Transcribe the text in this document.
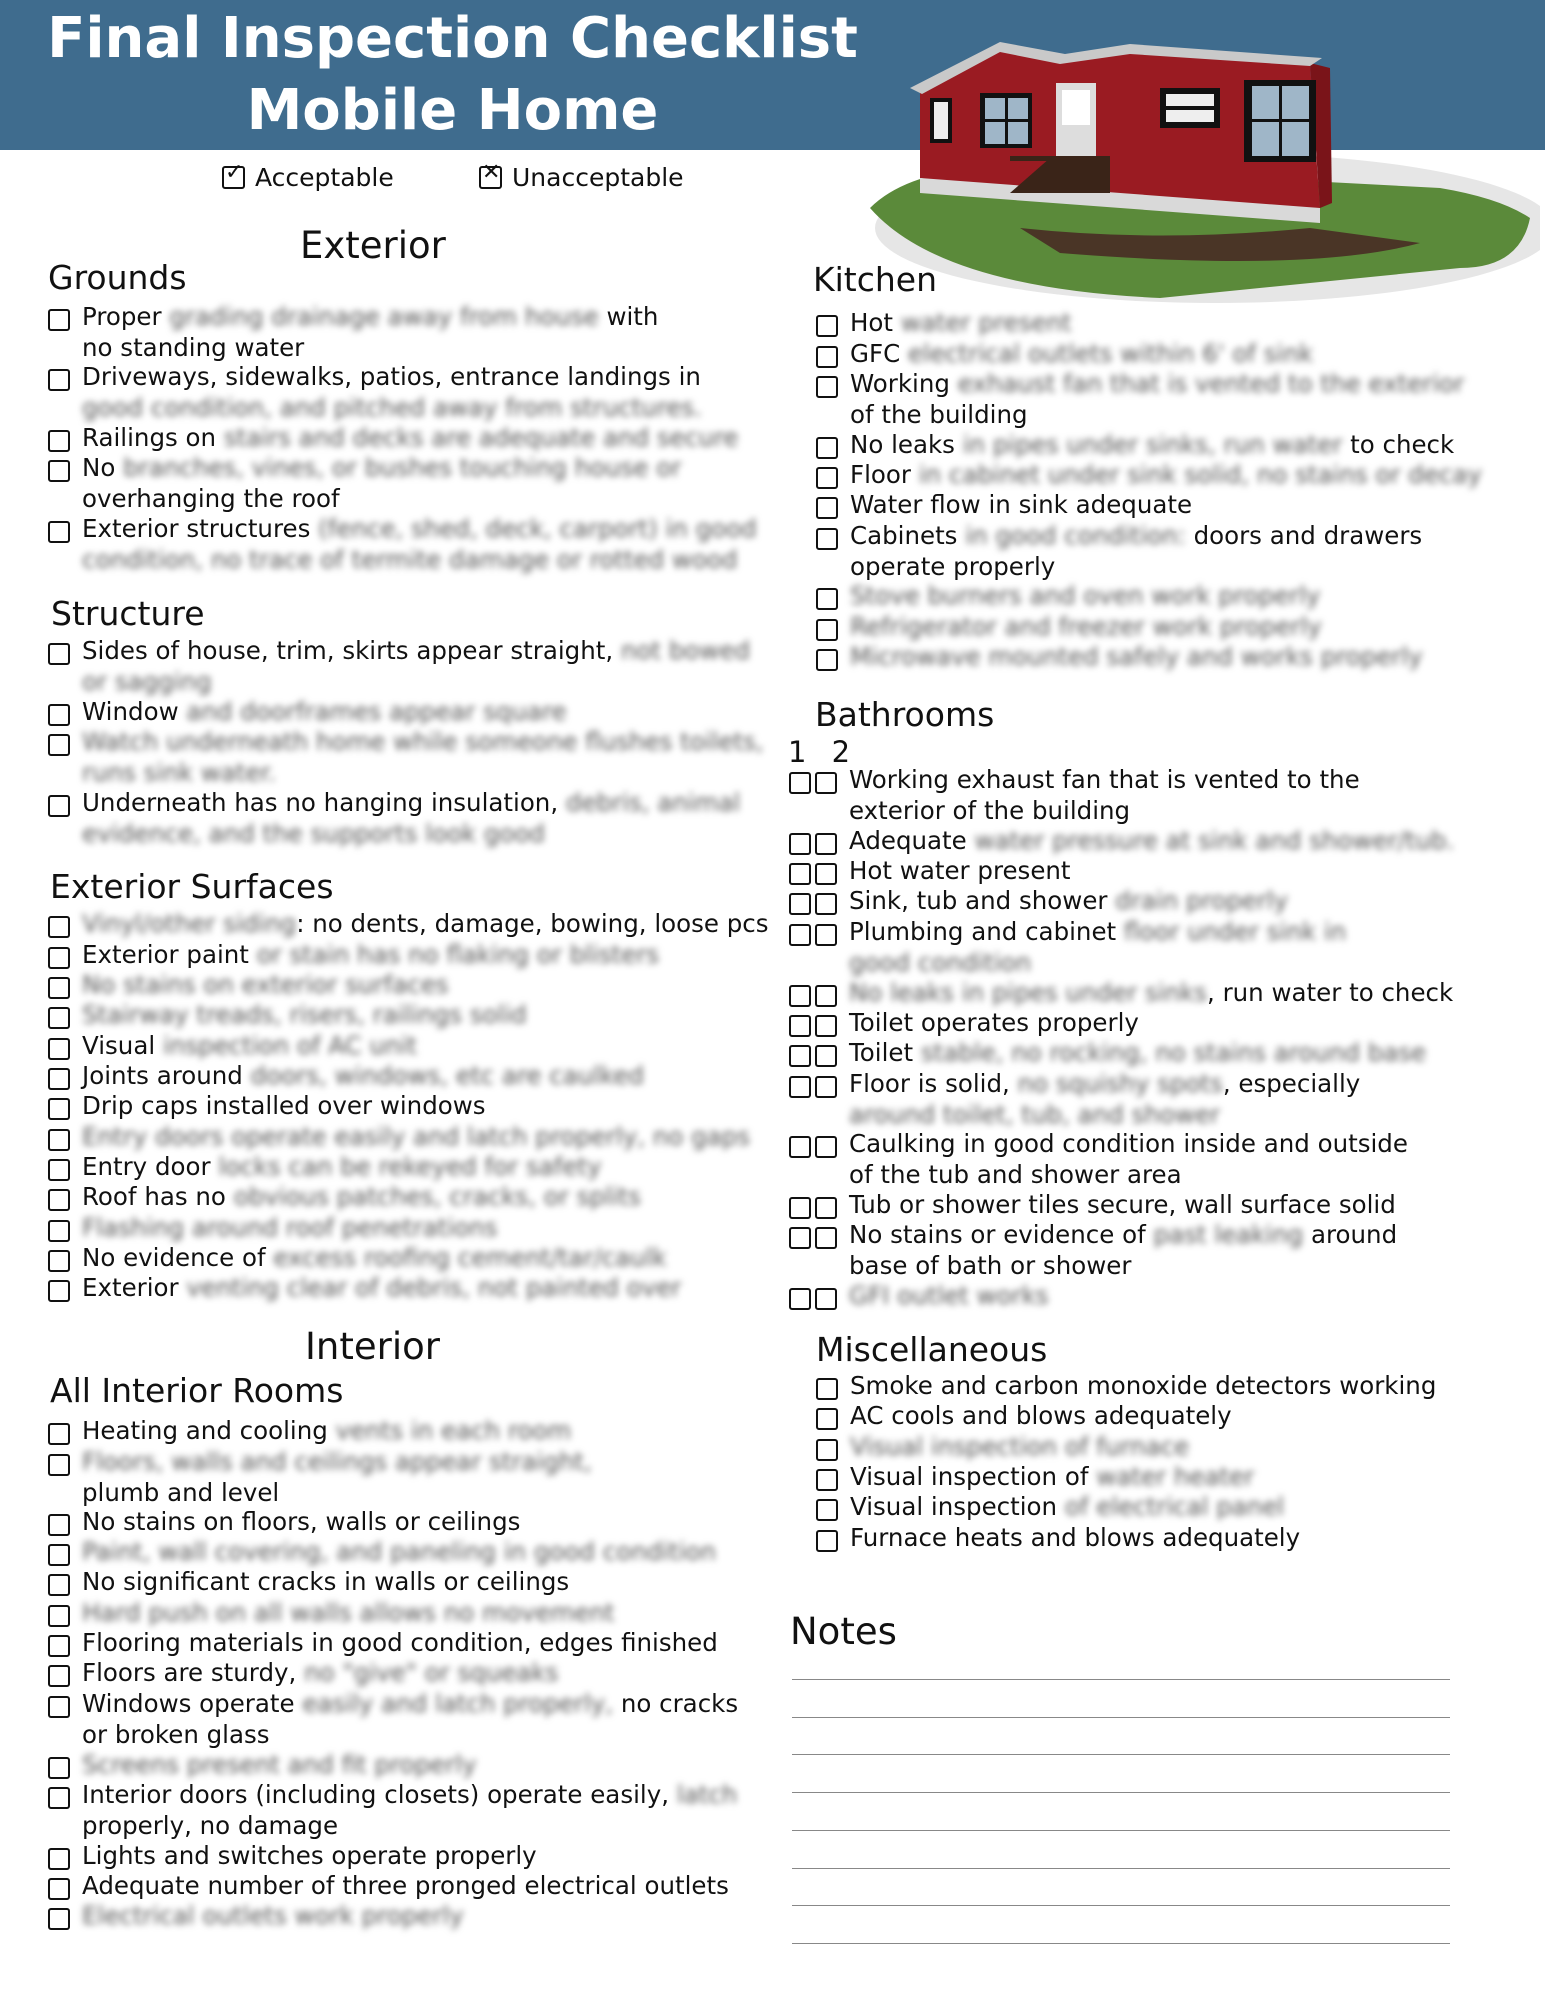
Final Inspection Checklist
Mobile Home
✓ Acceptable	✕ Unacceptable
Exterior
Grounds
Proper grading drainage away from house with
no standing water
Driveways, sidewalks, patios, entrance landings in
good condition, and pitched away from structures.
Railings on stairs and decks are adequate and secure
No branches, vines, or bushes touching house or
overhanging the roof
Exterior structures (fence, shed, deck, carport) in good
condition, no trace of termite damage or rotted wood
Structure
Sides of house, trim, skirts appear straight, not bowed
or sagging
Window and doorframes appear square
Watch underneath home while someone flushes toilets,
runs sink water.
Underneath has no hanging insulation, debris, animal
evidence, and the supports look good
Exterior Surfaces
Vinyl/other siding: no dents, damage, bowing, loose pcs
Exterior paint or stain has no flaking or blisters
No stains on exterior surfaces
Stairway treads, risers, railings solid
Visual inspection of AC unit
Joints around doors, windows, etc are caulked
Drip caps installed over windows
Entry doors operate easily and latch properly, no gaps
Entry door locks can be rekeyed for safety
Roof has no obvious patches, cracks, or splits
Flashing around roof penetrations
No evidence of excess roofing cement/tar/caulk
Exterior venting clear of debris, not painted over
Interior
All Interior Rooms
Heating and cooling vents in each room
Floors, walls and ceilings appear straight,
plumb and level
No stains on floors, walls or ceilings
Paint, wall covering, and paneling in good condition
No significant cracks in walls or ceilings
Hard push on all walls allows no movement
Flooring materials in good condition, edges finished
Floors are sturdy, no "give" or squeaks
Windows operate easily and latch properly, no cracks
or broken glass
Screens present and fit properly
Interior doors (including closets) operate easily, latch
properly, no damage
Lights and switches operate properly
Adequate number of three pronged electrical outlets
Electrical outlets work properly
Kitchen
Hot water present
GFC electrical outlets within 6' of sink
Working exhaust fan that is vented to the exterior
of the building
No leaks in pipes under sinks, run water to check
Floor in cabinet under sink solid, no stains or decay
Water flow in sink adequate
Cabinets in good condition: doors and drawers
operate properly
Stove burners and oven work properly
Refrigerator and freezer work properly
Microwave mounted safely and works properly
Bathrooms
1 2
Working exhaust fan that is vented to the
exterior of the building
Adequate water pressure at sink and shower/tub.
Hot water present
Sink, tub and shower drain properly
Plumbing and cabinet floor under sink in
good condition
No leaks in pipes under sinks, run water to check
Toilet operates properly
Toilet stable, no rocking, no stains around base
Floor is solid, no squishy spots, especially
around toilet, tub, and shower
Caulking in good condition inside and outside
of the tub and shower area
Tub or shower tiles secure, wall surface solid
No stains or evidence of past leaking around
base of bath or shower
GFI outlet works
Miscellaneous
Smoke and carbon monoxide detectors working
AC cools and blows adequately
Visual inspection of furnace
Visual inspection of water heater
Visual inspection of electrical panel
Furnace heats and blows adequately
Notes
